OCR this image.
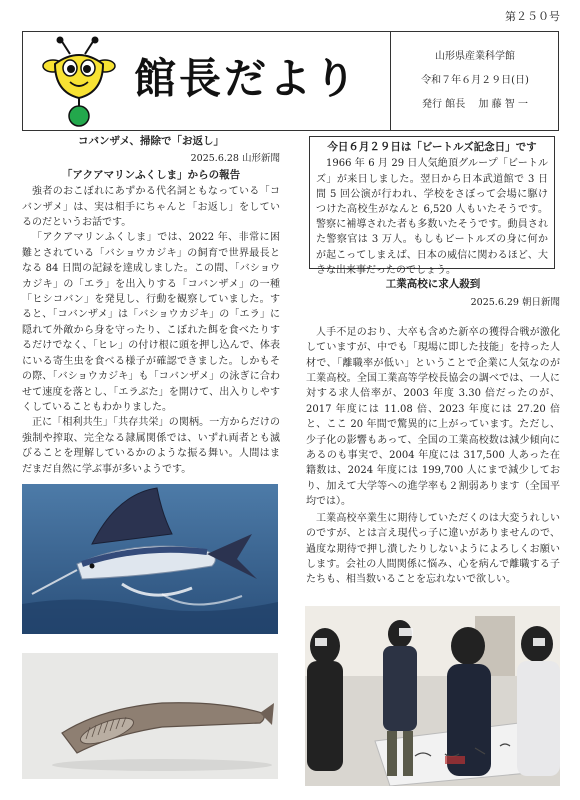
第２５０号
館長だより	山形県産業科学館
令和７年６月２９日(日)
発行 館長　 加 藤 智 一
コバンザメ、掃除で「お返し」
2025.6.28 山形新聞
「アクアマリンふくしま」からの報告

強者のおこぼれにあずかる代名詞ともなっている「コバンザメ」は、実は相手にちゃんと「お返し」をしているのだというお話です。

「アクアマリンふくしま」では、2022 年、非常に困難とされている「バショウカジキ」の飼育で世界最長となる 84 日間の記録を達成しました。この間、「バショウカジキ」の「エラ」を出入りする「コバンザメ」の一種「ヒシコバン」を発見し、行動を観察していました。すると、「コバンザメ」は「バショウカジキ」の「エラ」に隠れて外敵から身を守ったり、こぼれた餌を食べたりするだけでなく、「ヒレ」の付け根に頭を押し込んで、体表にいる寄生虫を食べる様子が確認できました。しかもその際、「バショウカジキ」も「コバンザメ」の泳ぎに合わせて速度を落とし、「エラぶた」を開けて、出入りしやすくしていることもわかりました。

正に「相利共生」「共存共栄」の関柄。一方からだけの強制や搾取、完全なる隷属関係では、いずれ両者とも滅びることを理解しているかのような振る舞い。人間はまだまだ自然に学ぶ事が多いようです。

今日６月２９日は「ビートルズ記念日」です

1966 年 6 月 29 日人気絶頂グループ「ビートルズ」が来日しました。翌日から日本武道館で 3 日間 5 回公演が行われ、学校をさぼって会場に駆けつけた高校生がなんと 6,520 人もいたそうです。警察に補導された者も多数いたそうです。動員された警察官は 3 万人。もしもビートルズの身に何かが起こってしまえば、日本の威信に関わるほど、大きな出来事だったのでしょう。

工業高校に求人殺到
2025.6.29 朝日新聞

人手不足のおり、大卒も含めた新卒の獲得合戦が激化していますが、中でも「現場に即した技能」を持った人材で、「離職率が低い」ということで企業に人気なのが工業高校。全国工業高等学校長協会の調べでは、一人に対する求人倍率が、2003 年度 3.30 倍だったのが、2017 年度には 11.08 倍、2023 年度には 27.20 倍と、ここ 20 年間で驚異的に上がっています。ただし、少子化の影響もあって、全国の工業高校数は減少傾向にあるのも事実で、2004 年度には 317,500 人あった在籍数は、2024 年度には 199,700 人にまで減少しており、加えて大学等への進学率も２割弱あります（全国平均では）。

工業高校卒業生に期待していただくのは大変うれしいのですが、とは言え現代っ子に違いがありませんので、過度な期待で押し潰したりしないようによろしくお願いします。会社の人間関係に悩み、心を病んで離職する子たちも、相当数いることを忘れないで欲しい。
